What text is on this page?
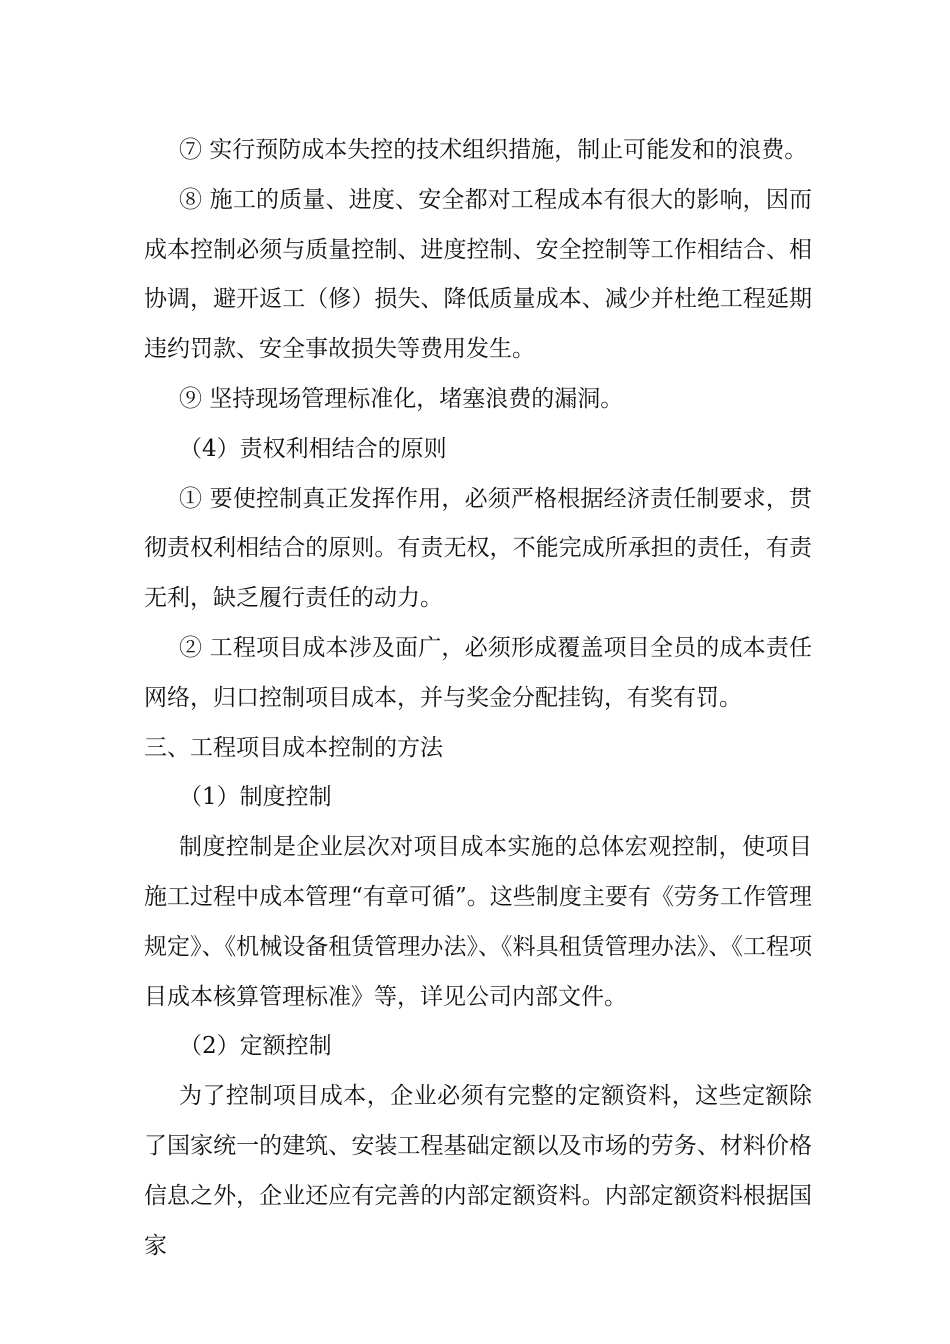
⑦ 实行预防成本失控的技术组织措施，制止可能发和的浪费。

⑧ 施工的质量、进度、安全都对工程成本有很大的影响，因而成本控制必须与质量控制、进度控制、安全控制等工作相结合、相协调，避开返工（修）损失、降低质量成本、减少并杜绝工程延期违约罚款、安全事故损失等费用发生。

⑨ 坚持现场管理标准化，堵塞浪费的漏洞。

（4）责权利相结合的原则

① 要使控制真正发挥作用，必须严格根据经济责任制要求，贯彻责权利相结合的原则。有责无权，不能完成所承担的责任，有责无利，缺乏履行责任的动力。

② 工程项目成本涉及面广，必须形成覆盖项目全员的成本责任网络，归口控制项目成本，并与奖金分配挂钩，有奖有罚。

三、工程项目成本控制的方法

（1）制度控制

制度控制是企业层次对项目成本实施的总体宏观控制，使项目施工过程中成本管理“有章可循”。这些制度主要有《劳务工作管理规定》、《机械设备租赁管理办法》、《料具租赁管理办法》、《工程项目成本核算管理标准》等，详见公司内部文件。

（2）定额控制

为了控制项目成本，企业必须有完整的定额资料，这些定额除了国家统一的建筑、安装工程基础定额以及市场的劳务、材料价格信息之外，企业还应有完善的内部定额资料。内部定额资料根据国家
